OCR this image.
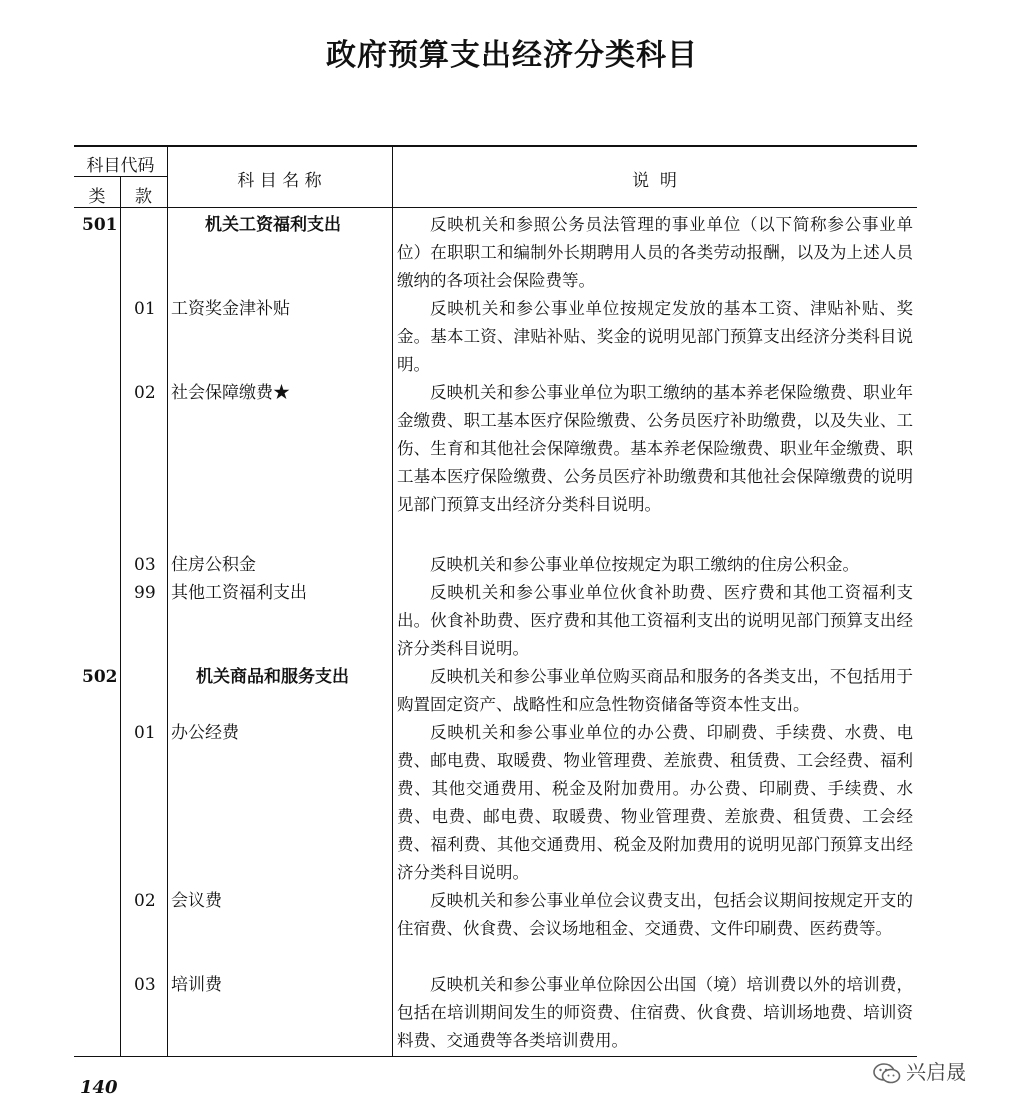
政府预算支出经济分类科目
科目代码
类	款
科 目 名 称	说  明
501	机关工资福利支出	反映机关和参照公务员法管理的事业单位（以下简称参公事业单位）在职职工和编制外长期聘用人员的各类劳动报酬，以及为上述人员缴纳的各项社会保险费等。
01 工资奖金津补贴	反映机关和参公事业单位按规定发放的基本工资、津贴补贴、奖金。基本工资、津贴补贴、奖金的说明见部门预算支出经济分类科目说明。
02 社会保障缴费★	反映机关和参公事业单位为职工缴纳的基本养老保险缴费、职业年金缴费、职工基本医疗保险缴费、公务员医疗补助缴费，以及失业、工伤、生育和其他社会保障缴费。基本养老保险缴费、职业年金缴费、职工基本医疗保险缴费、公务员医疗补助缴费和其他社会保障缴费的说明见部门预算支出经济分类科目说明。
03 住房公积金	反映机关和参公事业单位按规定为职工缴纳的住房公积金。
99 其他工资福利支出	反映机关和参公事业单位伙食补助费、医疗费和其他工资福利支出。伙食补助费、医疗费和其他工资福利支出的说明见部门预算支出经济分类科目说明。
502	机关商品和服务支出	反映机关和参公事业单位购买商品和服务的各类支出，不包括用于购置固定资产、战略性和应急性物资储备等资本性支出。
01 办公经费	反映机关和参公事业单位的办公费、印刷费、手续费、水费、电费、邮电费、取暖费、物业管理费、差旅费、租赁费、工会经费、福利费、其他交通费用、税金及附加费用。办公费、印刷费、手续费、水费、电费、邮电费、取暖费、物业管理费、差旅费、租赁费、工会经费、福利费、其他交通费用、税金及附加费用的说明见部门预算支出经济分类科目说明。
02 会议费	反映机关和参公事业单位会议费支出，包括会议期间按规定开支的住宿费、伙食费、会议场地租金、交通费、文件印刷费、医药费等。
03 培训费	反映机关和参公事业单位除因公出国（境）培训费以外的培训费，包括在培训期间发生的师资费、住宿费、伙食费、培训场地费、培训资料费、交通费等各类培训费用。
140
兴启晟
